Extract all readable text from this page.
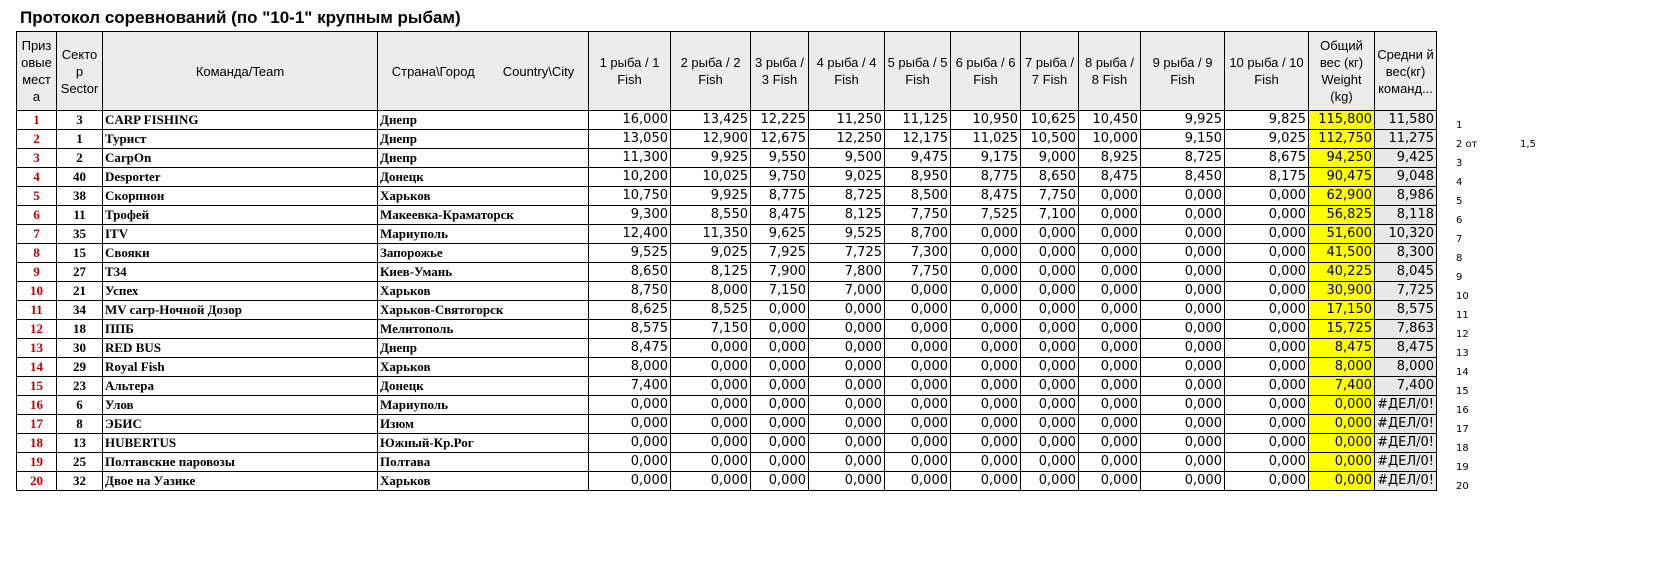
Протокол соревнований (по "10-1" крупным рыбам)
Приз овые мест а	Секто р Sector	Команда/Team	Страна\Город Country\City	1 рыба / 1 Fish	2 рыба / 2 Fish	3 рыба / 3 Fish	4 рыба / 4 Fish	5 рыба / 5 Fish	6 рыба / 6 Fish	7 рыба / 7 Fish	8 рыба / 8 Fish	9 рыба / 9 Fish	10 рыба / 10 Fish	Общий вес (кг) Weight (kg)	Средни й вес(кг) команд...
1	3	CARP FISHING	Днепр	16,000	13,425	12,225	11,250	11,125	10,950	10,625	10,450	9,925	9,825	115,800	11,580
2	1	Турист	Днепр	13,050	12,900	12,675	12,250	12,175	11,025	10,500	10,000	9,150	9,025	112,750	11,275
3	2	CarpOn	Днепр	11,300	9,925	9,550	9,500	9,475	9,175	9,000	8,925	8,725	8,675	94,250	9,425
4	40	Desporter	Донецк	10,200	10,025	9,750	9,025	8,950	8,775	8,650	8,475	8,450	8,175	90,475	9,048
5	38	Скорпион	Харьков	10,750	9,925	8,775	8,725	8,500	8,475	7,750	0,000	0,000	0,000	62,900	8,986
6	11	Трофей	Макеевка-Краматорск	9,300	8,550	8,475	8,125	7,750	7,525	7,100	0,000	0,000	0,000	56,825	8,118
7	35	ITV	Мариуполь	12,400	11,350	9,625	9,525	8,700	0,000	0,000	0,000	0,000	0,000	51,600	10,320
8	15	Свояки	Запорожье	9,525	9,025	7,925	7,725	7,300	0,000	0,000	0,000	0,000	0,000	41,500	8,300
9	27	Т34	Киев-Умань	8,650	8,125	7,900	7,800	7,750	0,000	0,000	0,000	0,000	0,000	40,225	8,045
10	21	Успех	Харьков	8,750	8,000	7,150	7,000	0,000	0,000	0,000	0,000	0,000	0,000	30,900	7,725
11	34	MV carp-Ночной Дозор	Харьков-Святогорск	8,625	8,525	0,000	0,000	0,000	0,000	0,000	0,000	0,000	0,000	17,150	8,575
12	18	ППБ	Мелитополь	8,575	7,150	0,000	0,000	0,000	0,000	0,000	0,000	0,000	0,000	15,725	7,863
13	30	RED BUS	Днепр	8,475	0,000	0,000	0,000	0,000	0,000	0,000	0,000	0,000	0,000	8,475	8,475
14	29	Royal Fish	Харьков	8,000	0,000	0,000	0,000	0,000	0,000	0,000	0,000	0,000	0,000	8,000	8,000
15	23	Альтера	Донецк	7,400	0,000	0,000	0,000	0,000	0,000	0,000	0,000	0,000	0,000	7,400	7,400
16	6	Улов	Мариуполь	0,000	0,000	0,000	0,000	0,000	0,000	0,000	0,000	0,000	0,000	0,000	#ДЕЛ/0!
17	8	ЭБИС	Изюм	0,000	0,000	0,000	0,000	0,000	0,000	0,000	0,000	0,000	0,000	0,000	#ДЕЛ/0!
18	13	HUBERTUS	Южный-Кр.Рог	0,000	0,000	0,000	0,000	0,000	0,000	0,000	0,000	0,000	0,000	0,000	#ДЕЛ/0!
19	25	Полтавские паровозы	Полтава	0,000	0,000	0,000	0,000	0,000	0,000	0,000	0,000	0,000	0,000	0,000	#ДЕЛ/0!
20	32	Двое на Уазике	Харьков	0,000	0,000	0,000	0,000	0,000	0,000	0,000	0,000	0,000	0,000	0,000	#ДЕЛ/0!
1
2 от	1,5
3
4
5
6
7
8
9
10
11
12
13
14
15
16
17
18
19
20
